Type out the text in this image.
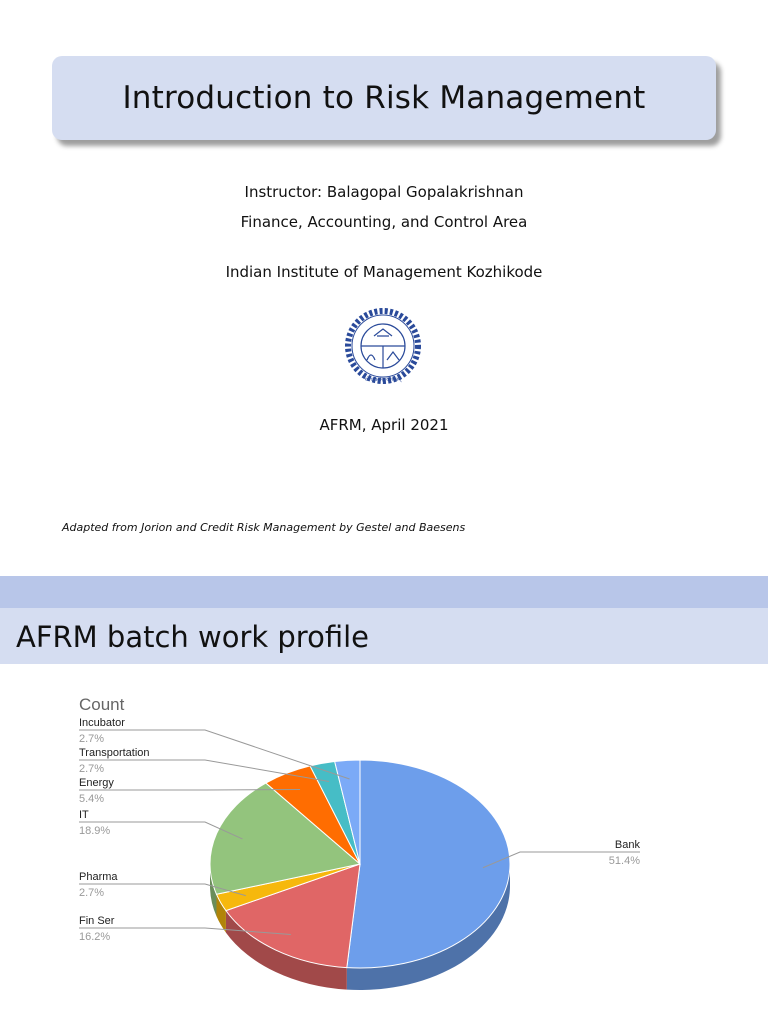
Introduction to Risk Management
Instructor: Balagopal Gopalakrishnan
Finance, Accounting, and Control Area
Indian Institute of Management Kozhikode
योगः कर्मसु कौशलम्
AFRM, April 2021
Adapted from Jorion and Credit Risk Management by Gestel and Baesens
AFRM batch work profile
Count
Bank
51.4%
Fin Ser
16.2%
Pharma
2.7%
IT
18.9%
Energy
5.4%
Transportation
2.7%
Incubator
2.7%
